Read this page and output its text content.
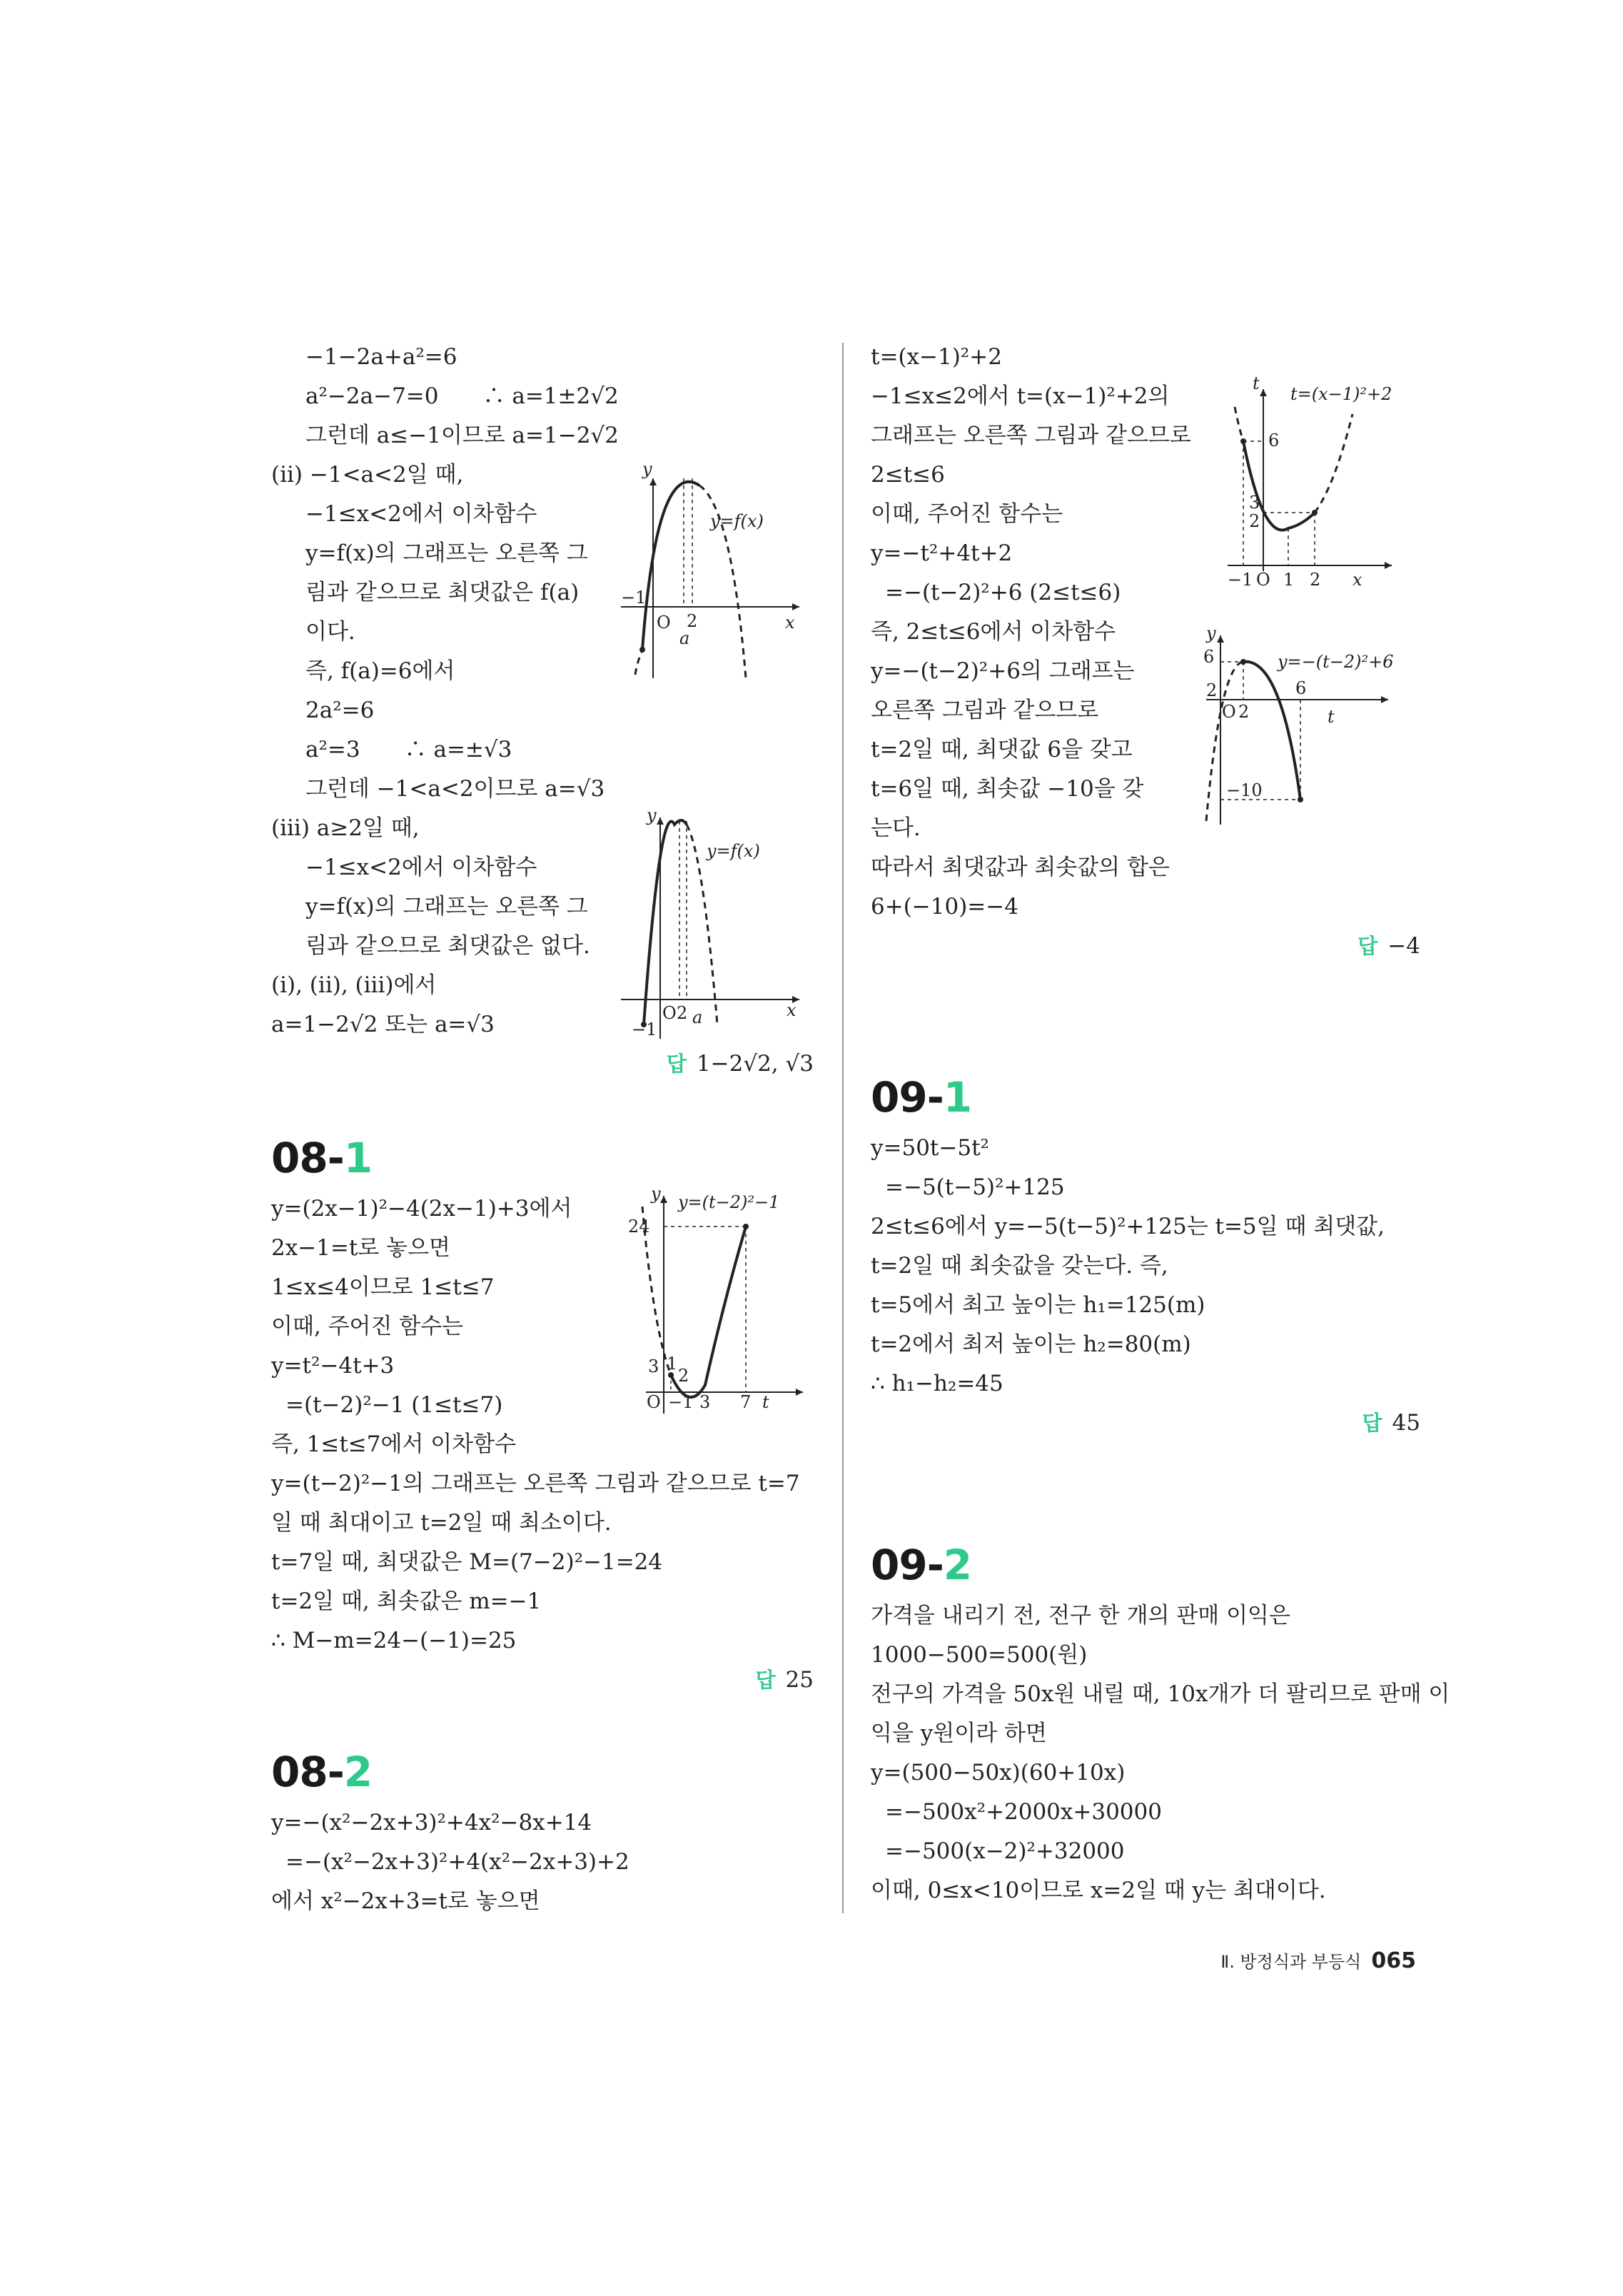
−1−2a+a²=6
a²−2a−7=0　　∴ a=1±2√2
그런데 a≤−1이므로 a=1−2√2
(ii) −1<a<2일 때,
−1≤x<2에서 이차함수
y=f(x)의 그래프는 오른쪽 그
림과 같으므로 최댓값은 f(a)
이다.
즉, f(a)=6에서
2a²=6
a²=3　　∴ a=±√3
그런데 −1<a<2이므로 a=√3
(iii) a≥2일 때,
−1≤x<2에서 이차함수
y=f(x)의 그래프는 오른쪽 그
림과 같으므로 최댓값은 없다.
(i), (ii), (iii)에서
a=1−2√2 또는 a=√3
답 1−2√2, √3
y
x
y=f(x)
−1
O 2
a
y
x
y=f(x)
−1
O 2 a
08-1
y=(2x−1)²−4(2x−1)+3에서
2x−1=t로 놓으면
1≤x≤4이므로 1≤t≤7
이때, 주어진 함수는
y=t²−4t+3
=(t−2)²−1 (1≤t≤7)
즉, 1≤t≤7에서 이차함수
y=(t−2)²−1의 그래프는 오른쪽 그림과 같으므로 t=7
일 때 최대이고 t=2일 때 최소이다.
t=7일 때, 최댓값은 M=(7−2)²−1=24
t=2일 때, 최솟값은 m=−1
∴ M−m=24−(−1)=25
답 25
y y=(t−2)²−1
24
3 1
2
O −1 3 7 t
08-2
y=−(x²−2x+3)²+4x²−8x+14
=−(x²−2x+3)²+4(x²−2x+3)+2
에서 x²−2x+3=t로 놓으면
t=(x−1)²+2
−1≤x≤2에서 t=(x−1)²+2의
그래프는 오른쪽 그림과 같으므로
2≤t≤6
이때, 주어진 함수는
y=−t²+4t+2
=−(t−2)²+6 (2≤t≤6)
즉, 2≤t≤6에서 이차함수
y=−(t−2)²+6의 그래프는
오른쪽 그림과 같으므로
t=2일 때, 최댓값 6을 갖고
t=6일 때, 최솟값 −10을 갖
는다.
따라서 최댓값과 최솟값의 합은
6+(−10)=−4
답 −4
t
t=(x−1)²+2
6
3
2
−1 O 1 2 x
y
y=−(t−2)²+6
6
2
O 2
6
t
−10
09-1
y=50t−5t²
=−5(t−5)²+125
2≤t≤6에서 y=−5(t−5)²+125는 t=5일 때 최댓값,
t=2일 때 최솟값을 갖는다. 즉,
t=5에서 최고 높이는 h₁=125(m)
t=2에서 최저 높이는 h₂=80(m)
∴ h₁−h₂=45
답 45
09-2
가격을 내리기 전, 전구 한 개의 판매 이익은
1000−500=500(원)
전구의 가격을 50x원 내릴 때, 10x개가 더 팔리므로 판매 이
익을 y원이라 하면
y=(500−50x)(60+10x)
=−500x²+2000x+30000
=−500(x−2)²+32000
이때, 0≤x<10이므로 x=2일 때 y는 최대이다.
Ⅱ. 방정식과 부등식 065
